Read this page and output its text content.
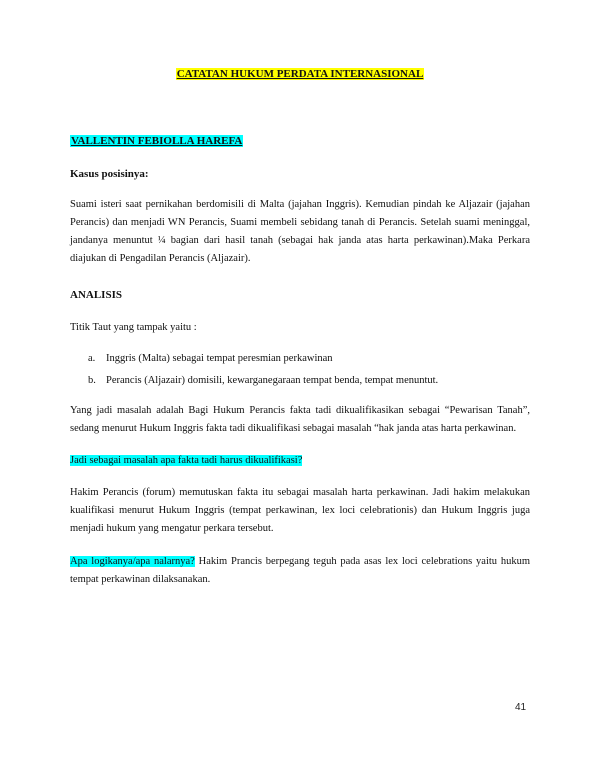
CATATAN HUKUM PERDATA INTERNASIONAL
VALLENTIN FEBIOLLA HAREFA
Kasus posisinya:
Suami isteri saat pernikahan berdomisili di Malta (jajahan Inggris). Kemudian pindah ke Aljazair (jajahan
Perancis) dan menjadi WN Perancis, Suami membeli sebidang tanah di Perancis. Setelah suami meninggal,
jandanya menuntut ¼ bagian dari hasil tanah (sebagai hak janda atas harta perkawinan).Maka Perkara
diajukan di Pengadilan Perancis (Aljazair).
ANALISIS
Titik Taut yang tampak yaitu :
a. Inggris (Malta) sebagai tempat peresmian perkawinan
b. Perancis (Aljazair) domisili, kewarganegaraan tempat benda, tempat menuntut.
Yang jadi masalah adalah Bagi Hukum Perancis fakta tadi dikualifikasikan sebagai “Pewarisan Tanah”,
sedang menurut Hukum Inggris fakta tadi dikualifikasi sebagai masalah “hak janda atas harta perkawinan.
Jadi sebagai masalah apa fakta tadi harus dikualifikasi?
Hakim Perancis (forum) memutuskan fakta itu sebagai masalah harta perkawinan. Jadi hakim melakukan
kualifikasi menurut Hukum Inggris (tempat perkawinan, lex loci celebrationis) dan Hukum Inggris juga
menjadi hukum yang mengatur perkara tersebut.
Apa logikanya/apa nalarnya? Hakim Prancis berpegang teguh pada asas lex loci celebrations yaitu hukum
tempat perkawinan dilaksanakan.
41
